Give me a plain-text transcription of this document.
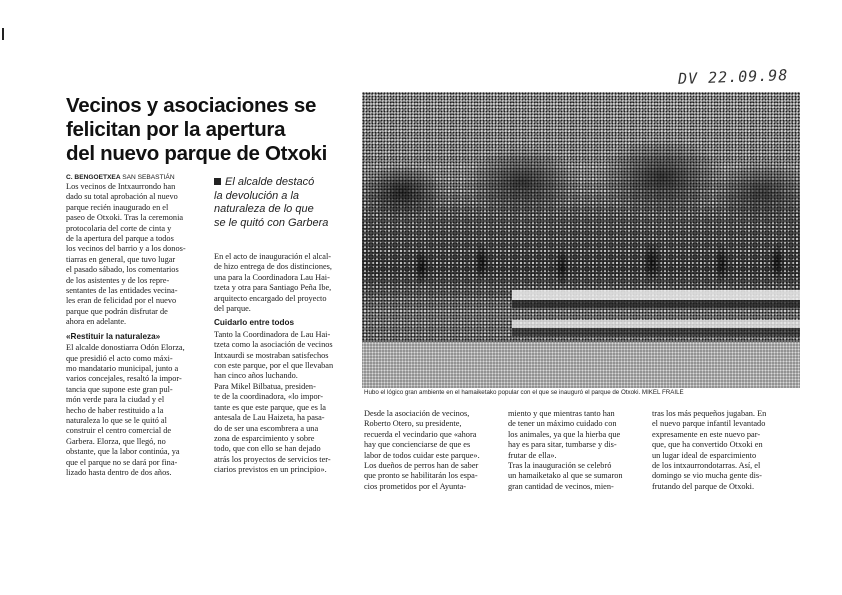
DV 22.09.98
Vecinos y asociaciones se
felicitan por la apertura
del nuevo parque de Otxoki
C. BENGOETXEA SAN SEBASTIÁN
Los vecinos de Intxaurrondo han
dado su total aprobación al nuevo
parque recién inaugurado en el
paseo de Otxoki. Tras la ceremonia
protocolaria del corte de cinta y
de la apertura del parque a todos
los vecinos del barrio y a los donos-
tiarras en general, que tuvo lugar
el pasado sábado, los comentarios
de los asistentes y de los repre-
sentantes de las entidades vecina-
les eran de felicidad por el nuevo
parque que podrán disfrutar de
ahora en adelante.
«Restituir la naturaleza»
El alcalde donostiarra Odón Elorza,
que presidió el acto como máxi-
mo mandatario municipal, junto a
varios concejales, resaltó la impor-
tancia que supone este gran pul-
món verde para la ciudad y el
hecho de haber restituido a la
naturaleza lo que se le quitó al
construir el centro comercial de
Garbera. Elorza, que llegó, no
obstante, que la labor continúa, ya
que el parque no se dará por fina-
lizado hasta dentro de dos años.
El alcalde destacó
la devolución a la
naturaleza de lo que
se le quitó con Garbera
En el acto de inauguración el alcal-
de hizo entrega de dos distinciones,
una para la Coordinadora Lau Hai-
tzeta y otra para Santiago Peña Ibe,
arquitecto encargado del proyecto
del parque.
Cuidarlo entre todos
Tanto la Coordinadora de Lau Hai-
tzeta como la asociación de vecinos
Intxaurdi se mostraban satisfechos
con este parque, por el que llevaban
han cinco años luchando.
Para Mikel Bilbatua, presiden-
te de la coordinadora, «lo impor-
tante es que este parque, que es la
antesala de Lau Haizeta, ha pasa-
do de ser una escombrera a una
zona de esparcimiento y sobre
todo, que con ello se han dejado
atrás los proyectos de servicios ter-
ciarios previstos en un principio».
Hubo el lógico gran ambiente en el hamaiketako popular con el que se inauguró el parque de Otxoki. MIKEL FRAILE
Desde la asociación de vecinos,
Roberto Otero, su presidente,
recuerda el vecindario que «ahora
hay que concienciarse de que es
labor de todos cuidar este parque».
Los dueños de perros han de saber
que pronto se habilitarán los espa-
cios prometidos por el Ayunta-
miento y que mientras tanto han
de tener un máximo cuidado con
los animales, ya que la hierba que
hay es para sitar, tumbarse y dis-
frutar de ella».
Tras la inauguración se celebró
un hamaiketako al que se sumaron
gran cantidad de vecinos, mien-
tras los más pequeños jugaban. En
el nuevo parque infantil levantado
expresamente en este nuevo par-
que, que ha convertido Otxoki en
un lugar ideal de esparcimiento
de los intxaurrondotarras. Así, el
domingo se vio mucha gente dis-
frutando del parque de Otxoki.
